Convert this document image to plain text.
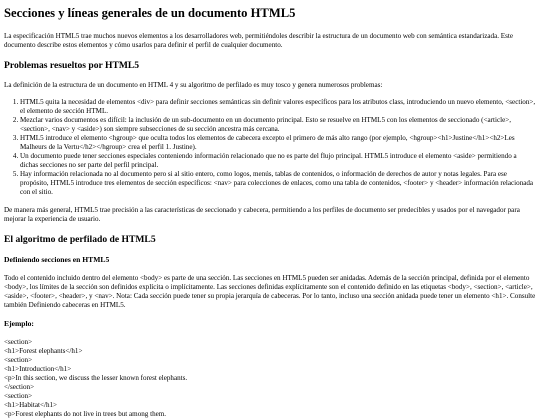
Secciones y líneas generales de un documento HTML5

La especificación HTML5 trae muchos nuevos elementos a los desarrolladores web, permitiéndoles describir la estructura de un documento web con semántica estandarizada. Este documento describe estos elementos y cómo usarlos para definir el perfil de cualquier documento.

Problemas resueltos por HTML5

La definición de la estructura de un documento en HTML 4 y su algoritmo de perfilado es muy tosco y genera numerosos problemas:

1. HTML5 quita la necesidad de elementos <div> para definir secciones semánticas sin definir valores específicos para los atributos class, introduciendo un nuevo elemento, <section>, el elemento de sección HTML.
2. Mezclar varios documentos es difícil: la inclusión de un sub-documento en un documento principal. Esto se resuelve en HTML5 con los elementos de seccionado (<article>, <section>, <nav> y <aside>) son siempre subsecciones de su sección ancestra más cercana.
3. HTML5 introduce el elemento <hgroup> que oculta todos los elementos de cabecera excepto el primero de más alto rango (por ejemplo, <hgroup><h1>Justine</h1><h2>Les Malheurs de la Vertu</h2></hgroup> crea el perfil 1. Justine).
4. Un documento puede tener secciones especiales conteniendo información relacionado que no es parte del flujo principal. HTML5 introduce el elemento <aside> permitiendo a dichas secciones no ser parte del perfil principal.
5. Hay información relacionada no al documento pero si al sitio entero, como logos, menús, tablas de contenidos, o información de derechos de autor y notas legales. Para ese propósito, HTML5 introduce tres elementos de sección específicos: <nav> para colecciones de enlaces, como una tabla de contenidos, <footer> y <header> información relacionada con el sitio.

De manera más general, HTML5 trae precisión a las características de seccionado y cabecera, permitiendo a los perfiles de documento ser predecibles y usados por el navegador para mejorar la experiencia de usuario.

El algoritmo de perfilado de HTML5
Definiendo secciones en HTML5

Todo el contenido incluido dentro del elemento <body> es parte de una sección. Las secciones en HTML5 pueden ser anidadas. Además de la sección principal, definida por el elemento <body>, los límites de la sección son definidos explícita o implícitamente. Las secciones definidas explícitamente son el contenido definido en las etiquetas <body>, <section>, <article>, <aside>, <footer>, <header>, y <nav>. Nota: Cada sección puede tener su propia jerarquía de cabeceras. Por lo tanto, incluso una sección anidada puede tener un elemento <h1>. Consulte también Definiendo cabeceras en HTML5.

Ejemplo:
<section>
<h1>Forest elephants</h1>
<section>
<h1>Introduction</h1>
<p>In this section, we discuss the lesser known forest elephants.
</section>
<section>
<h1>Habitat</h1>
<p>Forest elephants do not live in trees but among them.
